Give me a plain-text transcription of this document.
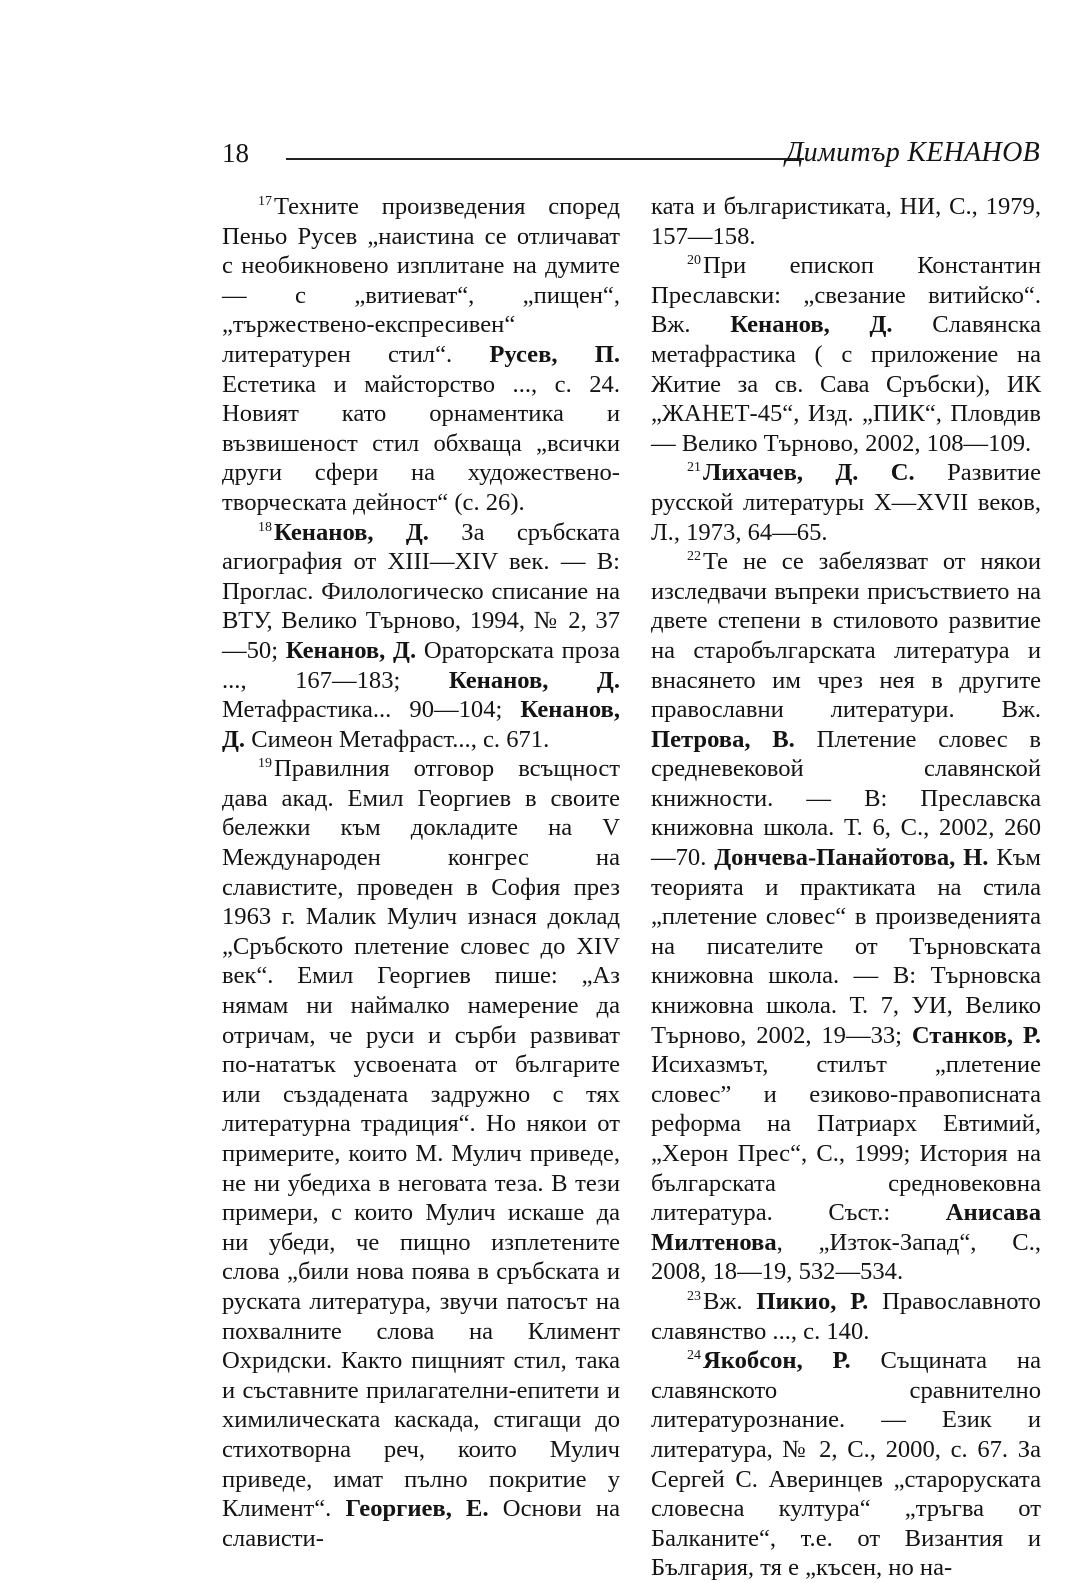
18	Димитър КЕНАНОВ

$^{17}$Техните произведения според Пеньо Русев „наистина се отличават с необикновено изплитане на думите — с „витиеват“, „пищен“, „тържествено-експресивен“ литературен стил“. Русев, П. Естетика и майсторство ..., с. 24. Новият като орнаментика и възвишеност стил обхваща „всички други сфери на художествено-творческата дейност“ (с. 26).

$^{18}$Кенанов, Д. За сръбската агиография от XIII—XIV век. — В: Проглас. Филологическо списание на ВТУ, Велико Търново, 1994, № 2, 37—50; Кенанов, Д. Ораторската проза ..., 167—183; Кенанов, Д. Метафрастика... 90—104; Кенанов, Д. Симеон Метафраст..., с. 671.

$^{19}$Правилния отговор всъщност дава акад. Емил Георгиев в своите бележки към докладите на V Международен конгрес на славистите, проведен в София през 1963 г. Малик Мулич изнася доклад „Сръбското плетение словес до XIV век“. Емил Георгиев пише: „Аз нямам ни наймалко намерение да отричам, че руси и сърби развиват по-нататък усвоената от българите или създадената задружно с тях литературна традиция“. Но някои от примерите, които М. Мулич приведе, не ни убедиха в неговата теза. В тези примери, с които Мулич искаше да ни убеди, че пищно изплетените слова „били нова поява в сръбската и руската литература, звучи патосът на похвалните слова на Климент Охридски. Както пищният стил, така и съставните прилагателни-епитети и химилическата каскада, стигащи до стихотворна реч, които Мулич приведе, имат пълно покритие у Климент“. Георгиев, Е. Основи на слависти-

ката и българистиката, НИ, С., 1979, 157—158.

$^{20}$При епископ Константин Преславски: „свезание витийско“. Вж. Кенанов, Д. Славянска метафрастика ( с приложение на Житие за св. Сава Сръбски), ИК „ЖАНЕТ-45“, Изд. „ПИК“, Пловдив — Велико Търново, 2002, 108—109.

$^{21}$Лихачев, Д. С. Развитие русской литературы X—XVII веков, Л., 1973, 64—65.

$^{22}$Те не се забелязват от някои изследвачи въпреки присъствието на двете степени в стиловото развитие на старобългарската литература и внасянето им чрез нея в другите православни литератури. Вж. Петрова, В. Плетение словес в средневековой славянской книжности. — В: Преславска книжовна школа. Т. 6, С., 2002, 260—70. Дончева-Панайотова, Н. Към теорията и практиката на стила „плетение словес“ в произведенията на писателите от Търновската книжовна школа. — В: Търновска книжовна школа. Т. 7, УИ, Велико Търново, 2002, 19—33; Станков, Р. Исихазмът, стилът „плетение словес” и езиково-правописната реформа на Патриарх Евтимий, „Херон Прес“, С., 1999; История на българската средновековна литература. Съст.: Анисава Милтенова, „Изток-Запад“, С., 2008, 18—19, 532—534.

$^{23}$Вж. Пикио, Р. Православното славянство ..., с. 140.

$^{24}$Якобсон, Р. Същината на славянското сравнително литературознание. — Език и литература, № 2, С., 2000, с. 67. За Сергей С. Аверинцев „староруската словесна култура“ „тръгва от Балканите“, т.е. от Византия и България, тя е „късен, но на-
